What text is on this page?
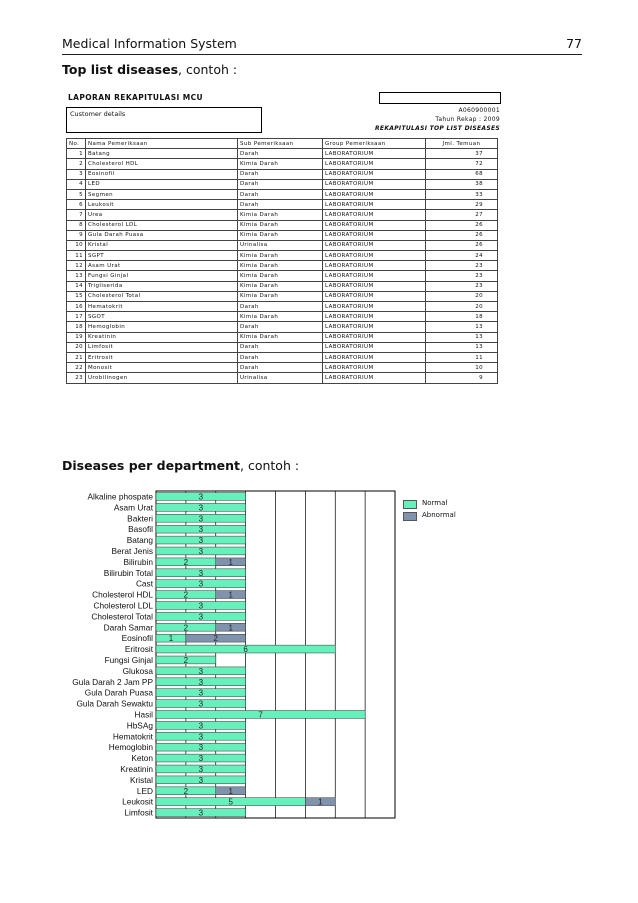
Medical Information System	77
Top list diseases, contoh :
LAPORAN REKAPITULASI MCU
Customer details	A060900001
Tahun Rekap : 2009
REKAPITULASI TOP LIST DISEASES
No.	Nama Pemeriksaan	Sub Pemeriksaan	Group Pemeriksaan	Jml. Temuan
1	Batang	Darah	LABORATORIUM	37
2	Cholesterol HDL	Kimia Darah	LABORATORIUM	72
3	Eosinofil	Darah	LABORATORIUM	68
4	LED	Darah	LABORATORIUM	38
5	Segmen	Darah	LABORATORIUM	33
6	Leukosit	Darah	LABORATORIUM	29
7	Urea	Kimia Darah	LABORATORIUM	27
8	Cholesterol LDL	Kimia Darah	LABORATORIUM	26
9	Gula Darah Puasa	Kimia Darah	LABORATORIUM	26
10	Kristal	Urinalisa	LABORATORIUM	26
11	SGPT	Kimia Darah	LABORATORIUM	24
12	Asam Urat	Kimia Darah	LABORATORIUM	23
13	Fungsi Ginjal	Kimia Darah	LABORATORIUM	23
14	Trigliserida	Kimia Darah	LABORATORIUM	23
15	Cholesterol Total	Kimia Darah	LABORATORIUM	20
16	Hematokrit	Darah	LABORATORIUM	20
17	SGOT	Kimia Darah	LABORATORIUM	18
18	Hemoglobin	Darah	LABORATORIUM	13
19	Kreatinin	Kimia Darah	LABORATORIUM	13
20	Limfosit	Darah	LABORATORIUM	13
21	Eritrosit	Darah	LABORATORIUM	11
22	Monosit	Darah	LABORATORIUM	10
23	Urobilinogen	Urinalisa	LABORATORIUM	9
Diseases per department, contoh :
Alkaline phospate	3
Asam Urat	3
Bakteri	3
Basofil	3
Batang	3
Berat Jenis	3
Bilirubin	2	1
Bilirubin Total	3
Cast	3
Cholesterol HDL	2	1
Cholesterol LDL	3
Cholesterol Total	3
Darah Samar	2	1
Eosinofil 1	2
Eritrosit	6
Fungsi Ginjal	2
Glukosa	3
Gula Darah 2 Jam PP	3
Gula Darah Puasa	3
Gula Darah Sewaktu	3
Hasil	7
HbSAg	3
Hematokrit	3
Hemoglobin	3
Keton	3
Kreatinin	3
Kristal	3
LED	2	1
Leukosit	5	1
Limfosit	3
Normal
Abnormal
